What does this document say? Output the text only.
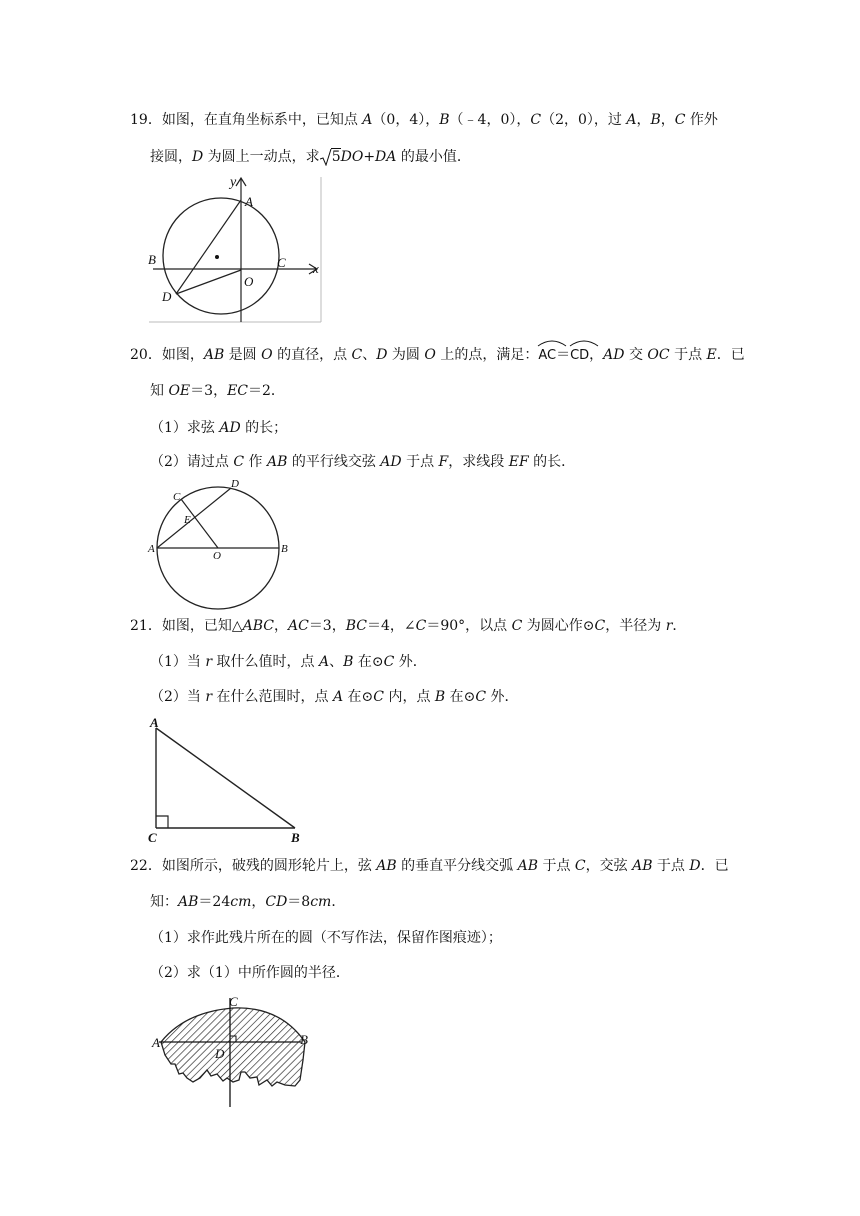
19．如图，在直角坐标系中，已知点 A（0，4），B（﹣4，0），C（2，0），过 A，B，C 作外
接圆，D 为圆上一动点，求 5DO+DA 的最小值．
y
x
A
B	C
O
D
20．如图，AB 是圆 O 的直径，点 C、D 为圆 O 上的点，满足：
AC＝
CD，AD 交 OC 于点 E．已
知 OE＝3，EC＝2．
（1）求弦 AD 的长；
（2）请过点 C 作 AB 的平行线交弦 AD 于点 F，求线段 EF 的长．
A	B
C
D
E
O
21．如图，已知△ABC，AC＝3，BC＝4，∠C＝90°，以点 C 为圆心作⊙C，半径为 r．
（1）当 r 取什么值时，点 A、B 在⊙C 外．
（2）当 r 在什么范围时，点 A 在⊙C 内，点 B 在⊙C 外．
A
C	B
22．如图所示，破残的圆形轮片上，弦 AB 的垂直平分线交弧 AB 于点 C，交弦 AB 于点 D．已
知：AB＝24cm，CD＝8cm．
（1）求作此残片所在的圆（不写作法，保留作图痕迹）；
（2）求（1）中所作圆的半径．
A	B
C
D
